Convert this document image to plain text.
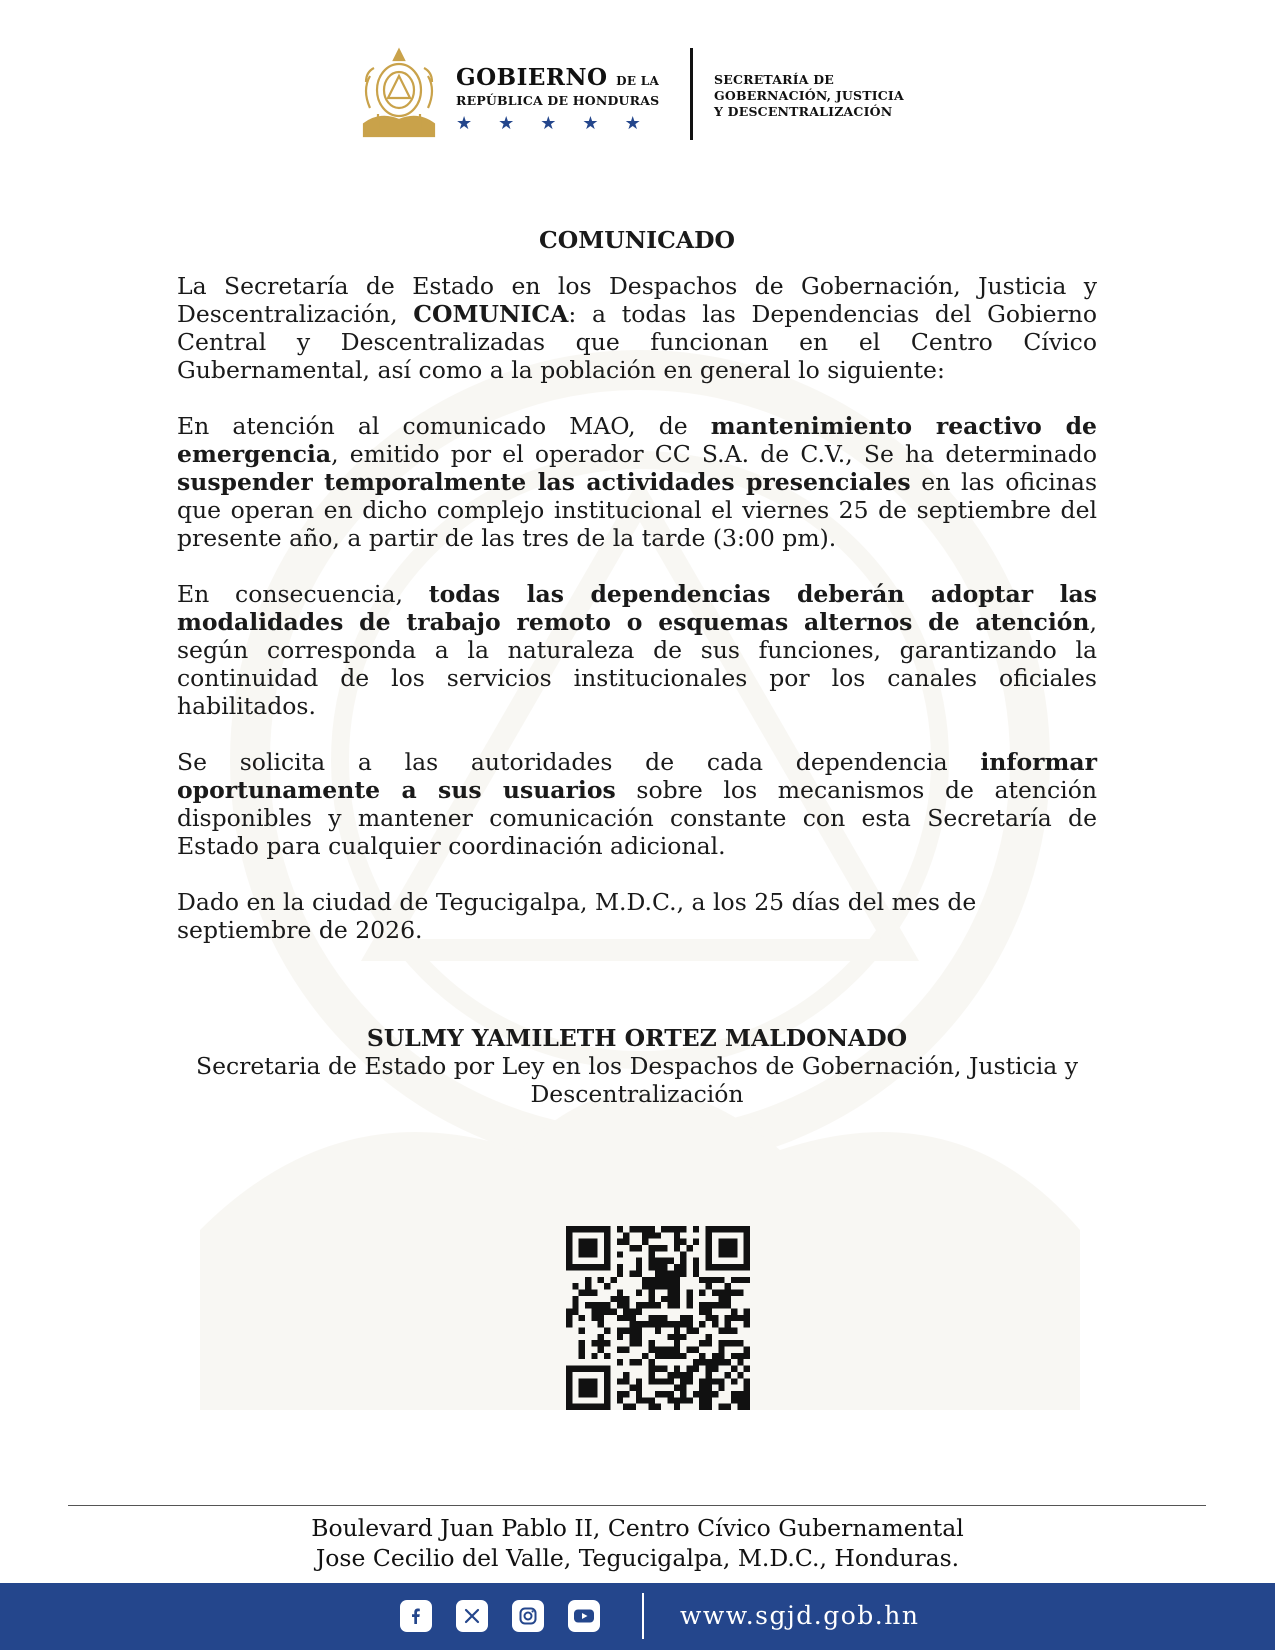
GOBIERNO DE LA
REPÚBLICA DE HONDURAS
★ ★ ★ ★ ★
SECRETARÍA DE
GOBERNACIÓN, JUSTICIA
Y DESCENTRALIZACIÓN
COMUNICADO

La Secretaría de Estado en los Despachos de Gobernación, Justicia y Descentralización, COMUNICA: a todas las Dependencias del Gobierno Central y Descentralizadas que funcionan en el Centro Cívico Gubernamental, así como a la población en general lo siguiente:

En atención al comunicado MAO, de mantenimiento reactivo de emergencia, emitido por el operador CC S.A. de C.V., Se ha determinado suspender temporalmente las actividades presenciales en las oficinas que operan en dicho complejo institucional el viernes 25 de septiembre del presente año, a partir de las tres de la tarde (3:00 pm).

En consecuencia, todas las dependencias deberán adoptar las modalidades de trabajo remoto o esquemas alternos de atención, según corresponda a la naturaleza de sus funciones, garantizando la continuidad de los servicios institucionales por los canales oficiales habilitados.

Se solicita a las autoridades de cada dependencia informar oportunamente a sus usuarios sobre los mecanismos de atención disponibles y mantener comunicación constante con esta Secretaría de Estado para cualquier coordinación adicional.

Dado en la ciudad de Tegucigalpa, M.D.C., a los 25 días del mes de septiembre de 2026.

SULMY YAMILETH ORTEZ MALDONADO
Secretaria de Estado por Ley en los Despachos de Gobernación, Justicia y
Descentralización
Boulevard Juan Pablo II, Centro Cívico Gubernamental
Jose Cecilio del Valle, Tegucigalpa, M.D.C., Honduras.
www.sgjd.gob.hn
